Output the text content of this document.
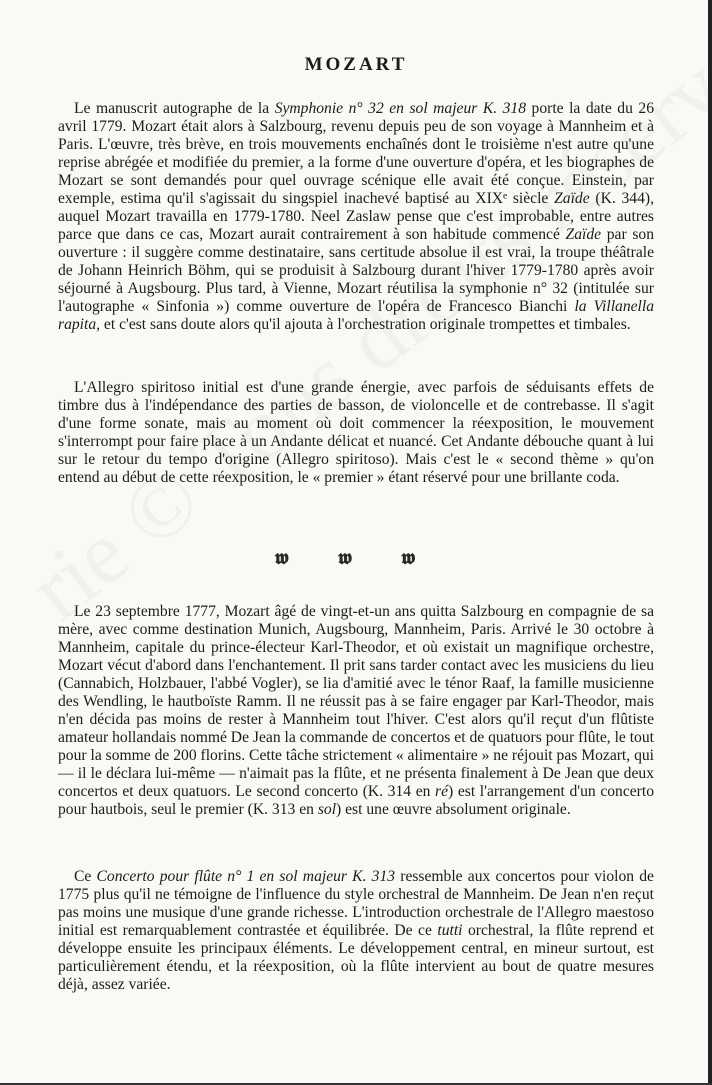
MOZART

Le manuscrit autographe de la Symphonie n° 32 en sol majeur K. 318 porte la date du 26 avril 1779. Mozart était alors à Salzbourg, revenu depuis peu de son voyage à Mannheim et à Paris. L'œuvre, très brève, en trois mouvements enchaînés dont le troisième n'est autre qu'une reprise abrégée et modifiée du premier, a la forme d'une ouverture d'opéra, et les biographes de Mozart se sont demandés pour quel ouvrage scénique elle avait été conçue. Einstein, par exemple, estima qu'il s'agissait du singspiel inachevé baptisé au XIXᵉ siècle Zaïde (K. 344), auquel Mozart travailla en 1779-1780. Neel Zaslaw pense que c'est improbable, entre autres parce que dans ce cas, Mozart aurait contrairement à son habitude commencé Zaïde par son ouverture : il suggère comme destinataire, sans certitude absolue il est vrai, la troupe théâtrale de Johann Heinrich Böhm, qui se produisit à Salzbourg durant l'hiver 1779-1780 après avoir séjourné à Augsbourg. Plus tard, à Vienne, Mozart réutilisa la symphonie n° 32 (intitulée sur l'autographe « Sinfonia ») comme ouverture de l'opéra de Francesco Bianchi la Villanella rapita, et c'est sans doute alors qu'il ajouta à l'orchestration originale trompettes et timbales.

L'Allegro spiritoso initial est d'une grande énergie, avec parfois de séduisants effets de timbre dus à l'indépendance des parties de basson, de violoncelle et de contrebasse. Il s'agit d'une forme sonate, mais au moment où doit commencer la réexposition, le mouvement s'interrompt pour faire place à un Andante délicat et nuancé. Cet Andante débouche quant à lui sur le retour du tempo d'origine (Allegro spiritoso). Mais c'est le « second thème » qu'on entend au début de cette réexposition, le « premier » étant réservé pour une brillante coda.

𝖜 𝖜 𝖜

Le 23 septembre 1777, Mozart âgé de vingt-et-un ans quitta Salzbourg en compagnie de sa mère, avec comme destination Munich, Augsbourg, Mannheim, Paris. Arrivé le 30 octobre à Mannheim, capitale du prince-électeur Karl-Theodor, et où existait un magnifique orchestre, Mozart vécut d'abord dans l'enchantement. Il prit sans tarder contact avec les musiciens du lieu (Cannabich, Holzbauer, l'abbé Vogler), se lia d'amitié avec le ténor Raaf, la famille musicienne des Wendling, le hautboïste Ramm. Il ne réussit pas à se faire engager par Karl-Theodor, mais n'en décida pas moins de rester à Mannheim tout l'hiver. C'est alors qu'il reçut d'un flûtiste amateur hollandais nommé De Jean la commande de concertos et de quatuors pour flûte, le tout pour la somme de 200 florins. Cette tâche strictement « alimentaire » ne réjouit pas Mozart, qui — il le déclara lui-même — n'aimait pas la flûte, et ne présenta finalement à De Jean que deux concertos et deux quatuors. Le second concerto (K. 314 en ré) est l'arrangement d'un concerto pour hautbois, seul le premier (K. 313 en sol) est une œuvre absolument originale.

Ce Concerto pour flûte n° 1 en sol majeur K. 313 ressemble aux concertos pour violon de 1775 plus qu'il ne témoigne de l'influence du style orchestral de Mannheim. De Jean n'en reçut pas moins une musique d'une grande richesse. L'introduction orchestrale de l'Allegro maestoso initial est remarquablement contrastée et équilibrée. De ce tutti orchestral, la flûte reprend et développe ensuite les principaux éléments. Le développement central, en mineur surtout, est particulièrement étendu, et la réexposition, où la flûte intervient au bout de quatre mesures déjà, assez variée.
